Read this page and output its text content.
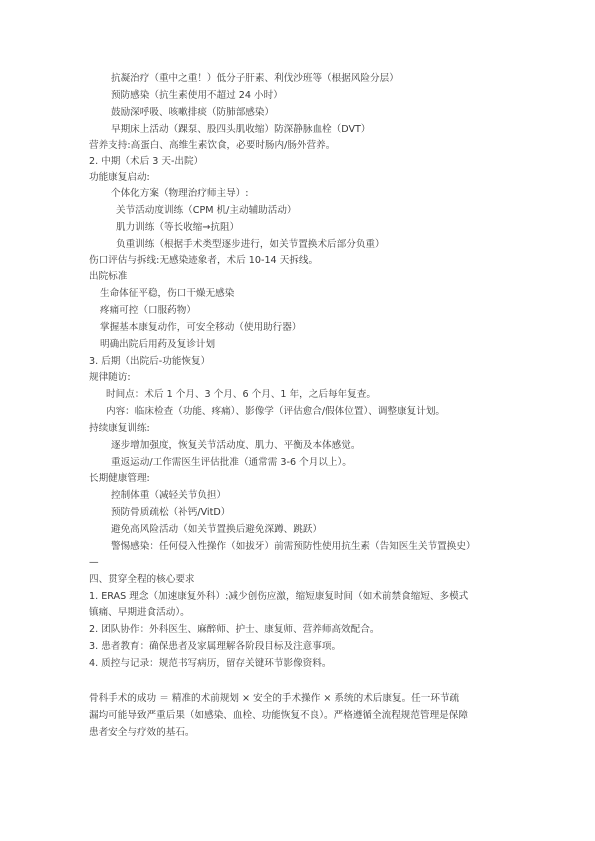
抗凝治疗（重中之重！）低分子肝素、利伐沙班等（根据风险分层）
预防感染（抗生素使用不超过 24 小时）
鼓励深呼吸、咳嗽排痰（防肺部感染）
早期床上活动（踝泵、股四头肌收缩）防深静脉血栓（DVT）
营养支持:高蛋白、高维生素饮食，必要时肠内/肠外营养。
2. 中期（术后 3 天-出院）
功能康复启动:
个体化方案（物理治疗师主导）:
关节活动度训练（CPM 机/主动辅助活动）
肌力训练（等长收缩→抗阻）
负重训练（根据手术类型逐步进行，如关节置换术后部分负重）
伤口评估与拆线:无感染迹象者，术后 10-14 天拆线。
出院标准
生命体征平稳，伤口干燥无感染
疼痛可控（口服药物）
掌握基本康复动作，可安全移动（使用助行器）
明确出院后用药及复诊计划
3. 后期（出院后-功能恢复）
规律随访:
时间点：术后 1 个月、3 个月、6 个月、1 年，之后每年复查。
内容：临床检查（功能、疼痛）、影像学（评估愈合/假体位置）、调整康复计划。
持续康复训练:
逐步增加强度，恢复关节活动度、肌力、平衡及本体感觉。
重返运动/工作需医生评估批准（通常需 3-6 个月以上）。
长期健康管理:
控制体重（减轻关节负担）
预防骨质疏松（补钙/VitD）
避免高风险活动（如关节置换后避免深蹲、跳跃）
警惕感染：任何侵入性操作（如拔牙）前需预防性使用抗生素（告知医生关节置换史）
—
四、贯穿全程的核心要求
1. ERAS 理念（加速康复外科）:减少创伤应激，缩短康复时间（如术前禁食缩短、多模式
镇痛、早期进食活动）。
2. 团队协作：外科医生、麻醉师、护士、康复师、营养师高效配合。
3. 患者教育：确保患者及家属理解各阶段目标及注意事项。
4. 质控与记录：规范书写病历，留存关键环节影像资料。
骨科手术的成功 ＝ 精准的术前规划 × 安全的手术操作 × 系统的术后康复。任一环节疏
漏均可能导致严重后果（如感染、血栓、功能恢复不良）。严格遵循全流程规范管理是保障
患者安全与疗效的基石。
